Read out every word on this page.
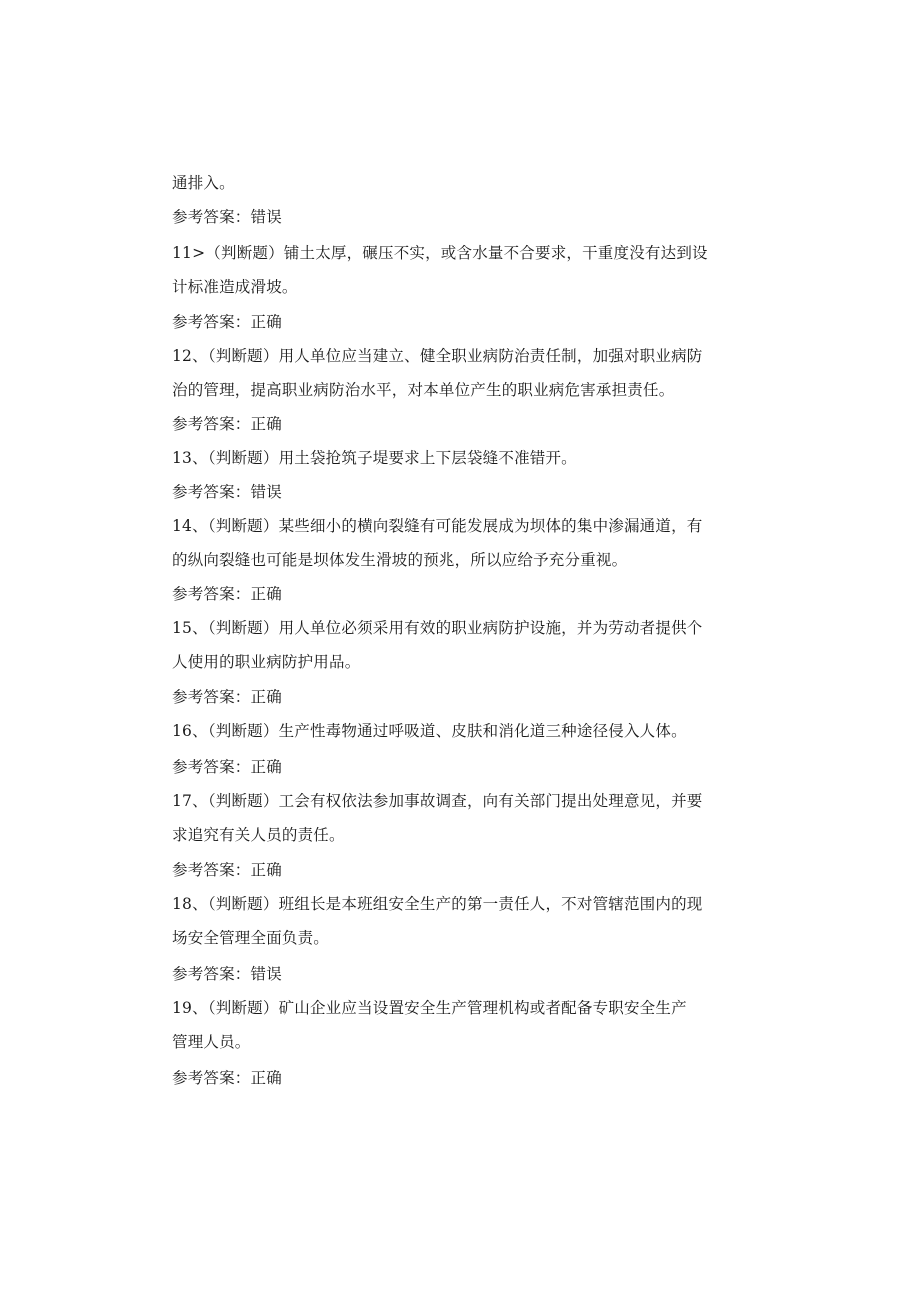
通排入。
参考答案：错误
11>（判断题）铺土太厚，碾压不实，或含水量不合要求，干重度没有达到设
计标准造成滑坡。
参考答案：正确
12、（判断题）用人单位应当建立、健全职业病防治责任制，加强对职业病防
治的管理，提高职业病防治水平，对本单位产生的职业病危害承担责任。
参考答案：正确
13、（判断题）用土袋抢筑子堤要求上下层袋缝不准错开。
参考答案：错误
14、（判断题）某些细小的横向裂缝有可能发展成为坝体的集中渗漏通道，有
的纵向裂缝也可能是坝体发生滑坡的预兆，所以应给予充分重视。
参考答案：正确
15、（判断题）用人单位必须采用有效的职业病防护设施，并为劳动者提供个
人使用的职业病防护用品。
参考答案：正确
16、（判断题）生产性毒物通过呼吸道、皮肤和消化道三种途径侵入人体。
参考答案：正确
17、（判断题）工会有权依法参加事故调查，向有关部门提出处理意见，并要
求追究有关人员的责任。
参考答案：正确
18、（判断题）班组长是本班组安全生产的第一责任人，不对管辖范围内的现
场安全管理全面负责。
参考答案：错误
19、（判断题）矿山企业应当设置安全生产管理机构或者配备专职安全生产
管理人员。
参考答案：正确
